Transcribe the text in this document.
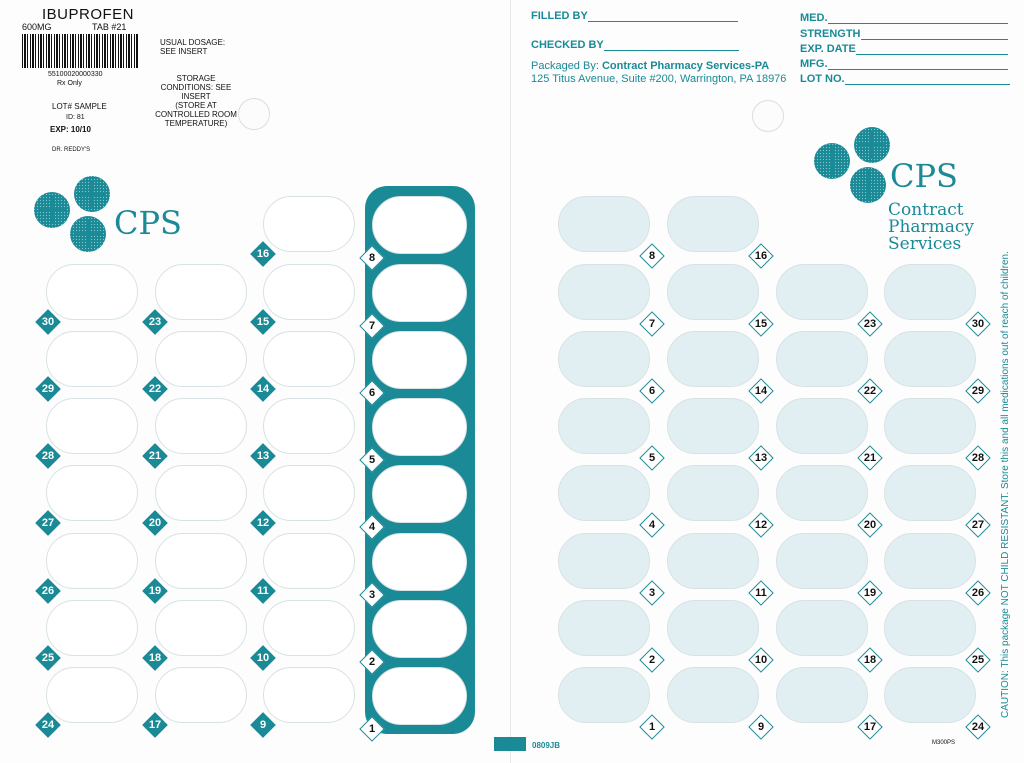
IBUPROFEN
600MG	TAB #21
55100020000330
Rx Only
LOT# SAMPLE
ID: 81
EXP: 10/10
DR. REDDY'S
USUAL DOSAGE:
SEE INSERT
STORAGE
CONDITIONS: SEE
INSERT
(STORE AT
CONTROLLED ROOM
TEMPERATURE)
FILLED BY
CHECKED BY
Packaged By: Contract Pharmacy Services-PA
125 Titus Avenue, Suite #200, Warrington, PA 18976
MED.
STRENGTH
EXP. DATE
MFG.
LOT NO.
CPS
CPS
Contract
Pharmacy
Services
30
29
28
27
26
25
24
23
22
21
20
19
18
17
16
15
14
13
12
11
10
9
8
7
6
5
4
3
2
1
8
7
6
5
4
3
2
1
16
15
14
13
12
11
10
9
23
22
21
20
19
18
17
30
29
28
27
26
25
24
CAUTION: This package NOT CHILD RESISTANT. Store this and all medications out of reach of children.
0809JB	M300PS
